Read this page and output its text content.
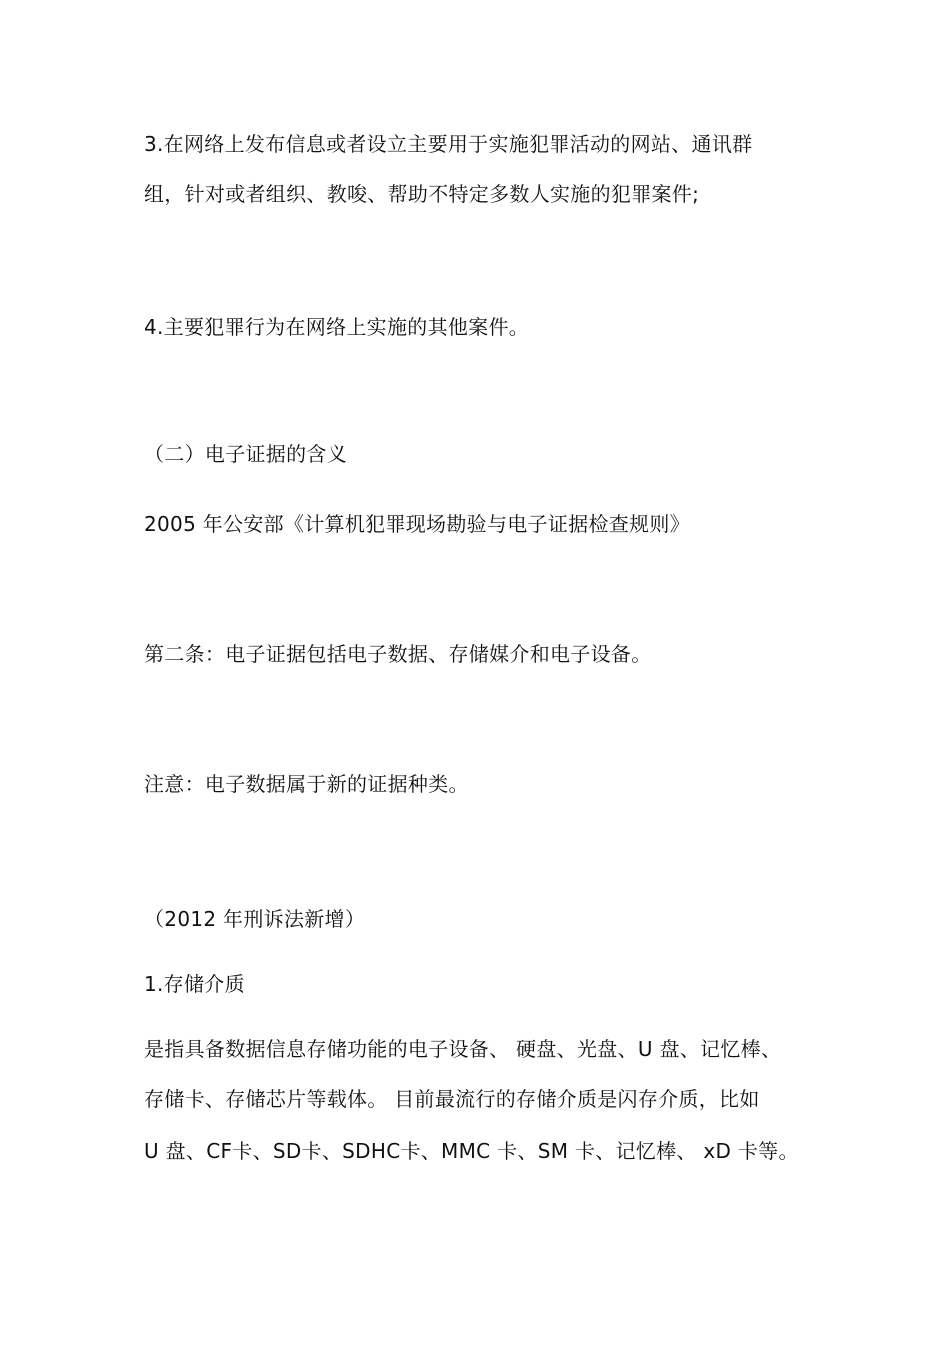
3.在网络上发布信息或者设立主要用于实施犯罪活动的网站、通讯群

组，针对或者组织、教唆、帮助不特定多数人实施的犯罪案件;

4.主要犯罪行为在网络上实施的其他案件。

（二）电子证据的含义

2005 年公安部《计算机犯罪现场勘验与电子证据检查规则》

第二条：电子证据包括电子数据、存储媒介和电子设备。

注意：电子数据属于新的证据种类。

（2012 年刑诉法新增）

1.存储介质

是指具备数据信息存储功能的电子设备、 硬盘、光盘、U 盘、记忆棒、

存储卡、存储芯片等载体。 目前最流行的存储介质是闪存介质，比如

U 盘、CF卡、SD卡、SDHC卡、MMC 卡、SM 卡、记忆棒、 xD 卡等。
